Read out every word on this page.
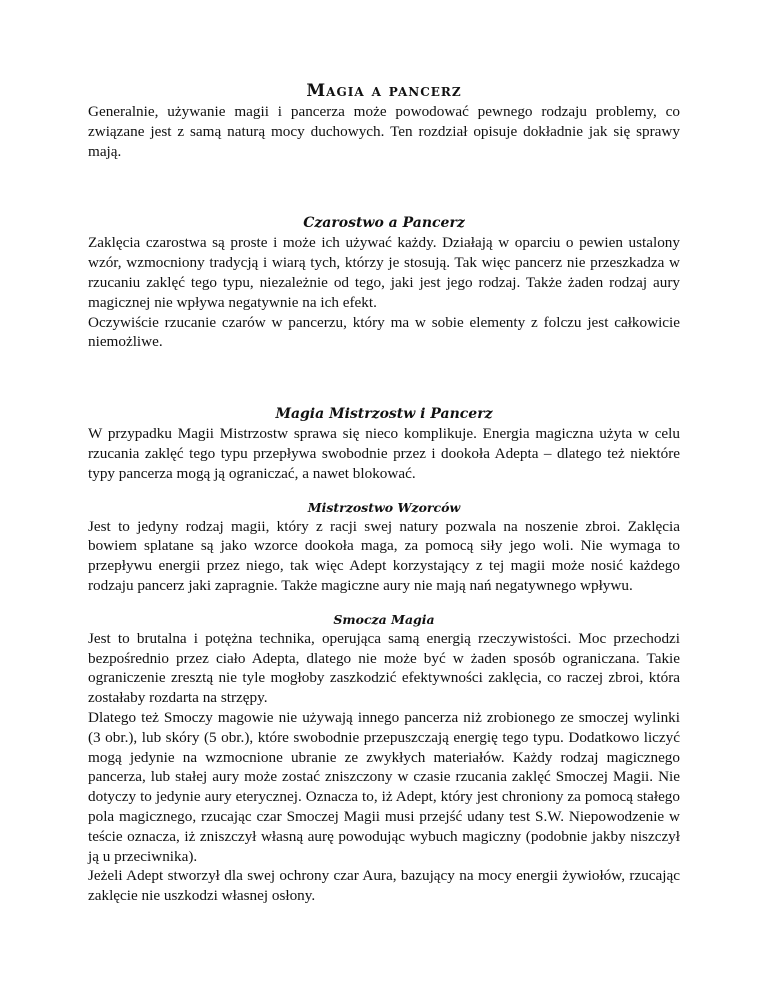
Magia a pancerz

Generalnie, używanie magii i pancerza może powodować pewnego rodzaju problemy, co związane jest z samą naturą mocy duchowych. Ten rozdział opisuje dokładnie jak się sprawy mają.

Czarostwo a Pancerz

Zaklęcia czarostwa są proste i może ich używać każdy. Działają w oparciu o pewien ustalony wzór, wzmocniony tradycją i wiarą tych, którzy je stosują. Tak więc pancerz nie przeszkadza w rzucaniu zaklęć tego typu, niezależnie od tego, jaki jest jego rodzaj. Także żaden rodzaj aury magicznej nie wpływa negatywnie na ich efekt.

Oczywiście rzucanie czarów w pancerzu, który ma w sobie elementy z folczu jest całkowicie niemożliwe.

Magia Mistrzostw i Pancerz

W przypadku Magii Mistrzostw sprawa się nieco komplikuje. Energia magiczna użyta w celu rzucania zaklęć tego typu przepływa swobodnie przez i dookoła Adepta – dlatego też niektóre typy pancerza mogą ją ograniczać, a nawet blokować.

Mistrzostwo Wzorców

Jest to jedyny rodzaj magii, który z racji swej natury pozwala na noszenie zbroi. Zaklęcia bowiem splatane są jako wzorce dookoła maga, za pomocą siły jego woli. Nie wymaga to przepływu energii przez niego, tak więc Adept korzystający z tej magii może nosić każdego rodzaju pancerz jaki zapragnie. Także magiczne aury nie mają nań negatywnego wpływu.

Smocza Magia

Jest to brutalna i potężna technika, operująca samą energią rzeczywistości. Moc przechodzi bezpośrednio przez ciało Adepta, dlatego nie może być w żaden sposób ograniczana. Takie ograniczenie zresztą nie tyle mogłoby zaszkodzić efektywności zaklęcia, co raczej zbroi, która zostałaby rozdarta na strzępy.

Dlatego też Smoczy magowie nie używają innego pancerza niż zrobionego ze smoczej wylinki (3 obr.), lub skóry (5 obr.), które swobodnie przepuszczają energię tego typu. Dodatkowo liczyć mogą jedynie na wzmocnione ubranie ze zwykłych materiałów. Każdy rodzaj magicznego pancerza, lub stałej aury może zostać zniszczony w czasie rzucania zaklęć Smoczej Magii. Nie dotyczy to jedynie aury eterycznej. Oznacza to, iż Adept, który jest chroniony za pomocą stałego pola magicznego, rzucając czar Smoczej Magii musi przejść udany test S.W. Niepowodzenie w teście oznacza, iż zniszczył własną aurę powodując wybuch magiczny (podobnie jakby niszczył ją u przeciwnika).

Jeżeli Adept stworzył dla swej ochrony czar Aura, bazujący na mocy energii żywiołów, rzucając zaklęcie nie uszkodzi własnej osłony.
